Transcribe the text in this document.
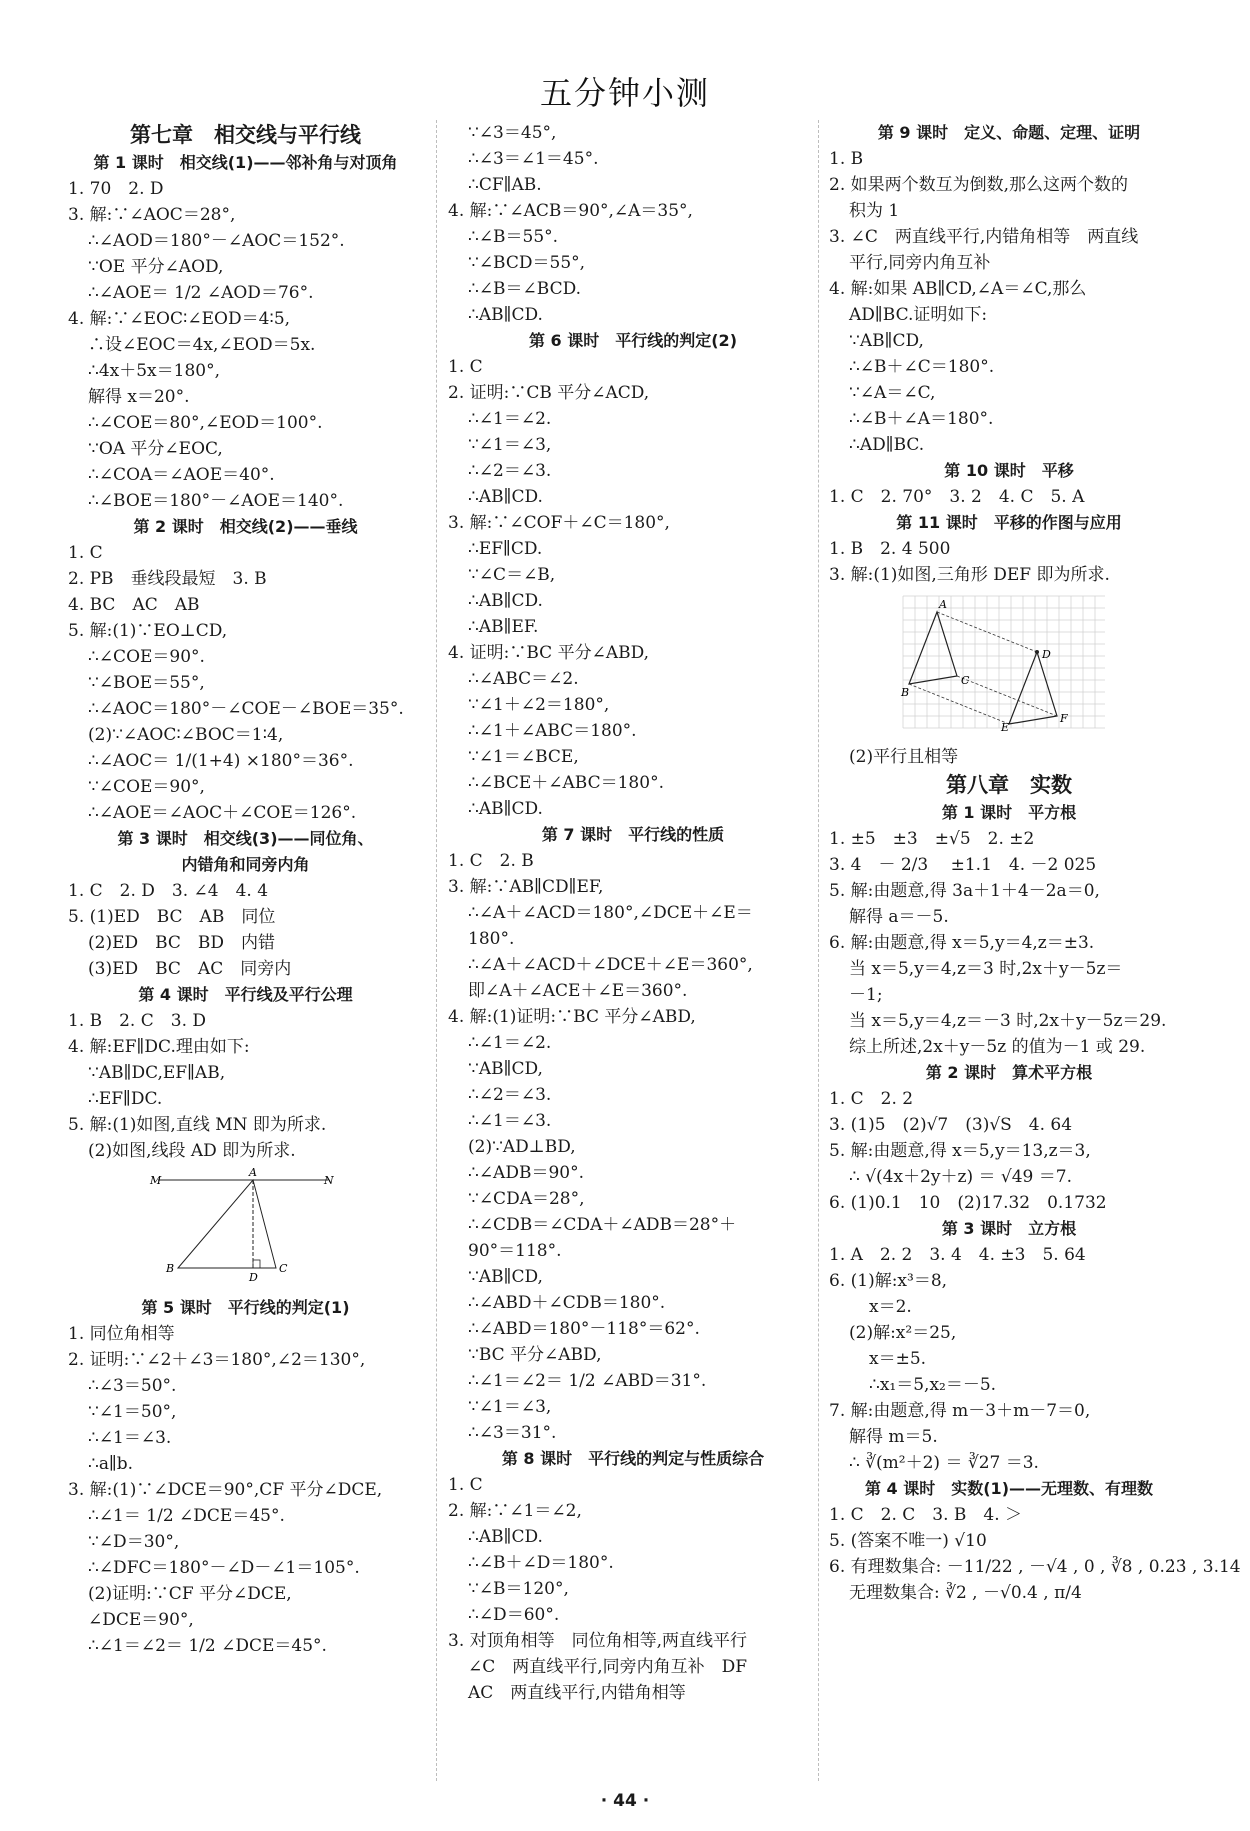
五分钟小测
第七章　相交线与平行线
第 1 课时　相交线(1)——邻补角与对顶角
1. 70　2. D
3. 解:∵∠AOC＝28°,
∴∠AOD＝180°－∠AOC＝152°.
∵OE 平分∠AOD,
∴∠AOE＝ 1/2 ∠AOD＝76°.
4. 解:∵∠EOC∶∠EOD＝4∶5,
∴设∠EOC＝4x,∠EOD＝5x.
∴4x＋5x＝180°,
解得 x＝20°.
∴∠COE＝80°,∠EOD＝100°.
∵OA 平分∠EOC,
∴∠COA＝∠AOE＝40°.
∴∠BOE＝180°－∠AOE＝140°.
第 2 课时　相交线(2)——垂线
1. C
2. PB　垂线段最短　3. B
4. BC　AC　AB
5. 解:(1)∵EO⊥CD,
∴∠COE＝90°.
∵∠BOE＝55°,
∴∠AOC＝180°－∠COE－∠BOE＝35°.
(2)∵∠AOC∶∠BOC＝1∶4,
∴∠AOC＝ 1/(1+4) ×180°＝36°.
∵∠COE＝90°,
∴∠AOE＝∠AOC＋∠COE＝126°.
第 3 课时　相交线(3)——同位角、
内错角和同旁内角
1. C　2. D　3. ∠4　4. 4
5. (1)ED　BC　AB　同位
(2)ED　BC　BD　内错
(3)ED　BC　AC　同旁内
第 4 课时　平行线及平行公理
1. B　2. C　3. D
4. 解:EF∥DC.理由如下:
∵AB∥DC,EF∥AB,
∴EF∥DC.
5. 解:(1)如图,直线 MN 即为所求.
(2)如图,线段 AD 即为所求.
M
A
N
B
D
C
第 5 课时　平行线的判定(1)
1. 同位角相等
2. 证明:∵∠2＋∠3＝180°,∠2＝130°,
∴∠3＝50°.
∵∠1＝50°,
∴∠1＝∠3.
∴a∥b.
3. 解:(1)∵∠DCE＝90°,CF 平分∠DCE,
∴∠1＝ 1/2 ∠DCE＝45°.
∵∠D＝30°,
∴∠DFC＝180°－∠D－∠1＝105°.
(2)证明:∵CF 平分∠DCE,
∠DCE＝90°,
∴∠1＝∠2＝ 1/2 ∠DCE＝45°.
∵∠3＝45°,
∴∠3＝∠1＝45°.
∴CF∥AB.
4. 解:∵∠ACB＝90°,∠A＝35°,
∴∠B＝55°.
∵∠BCD＝55°,
∴∠B＝∠BCD.
∴AB∥CD.
第 6 课时　平行线的判定(2)
1. C
2. 证明:∵CB 平分∠ACD,
∴∠1＝∠2.
∵∠1＝∠3,
∴∠2＝∠3.
∴AB∥CD.
3. 解:∵∠COF＋∠C＝180°,
∴EF∥CD.
∵∠C＝∠B,
∴AB∥CD.
∴AB∥EF.
4. 证明:∵BC 平分∠ABD,
∴∠ABC＝∠2.
∵∠1＋∠2＝180°,
∴∠1＋∠ABC＝180°.
∵∠1＝∠BCE,
∴∠BCE＋∠ABC＝180°.
∴AB∥CD.
第 7 课时　平行线的性质
1. C　2. B
3. 解:∵AB∥CD∥EF,
∴∠A＋∠ACD＝180°,∠DCE＋∠E＝
180°.
∴∠A＋∠ACD＋∠DCE＋∠E＝360°,
即∠A＋∠ACE＋∠E＝360°.
4. 解:(1)证明:∵BC 平分∠ABD,
∴∠1＝∠2.
∵AB∥CD,
∴∠2＝∠3.
∴∠1＝∠3.
(2)∵AD⊥BD,
∴∠ADB＝90°.
∵∠CDA＝28°,
∴∠CDB＝∠CDA＋∠ADB＝28°＋
90°＝118°.
∵AB∥CD,
∴∠ABD＋∠CDB＝180°.
∴∠ABD＝180°－118°＝62°.
∵BC 平分∠ABD,
∴∠1＝∠2＝ 1/2 ∠ABD＝31°.
∵∠1＝∠3,
∴∠3＝31°.
第 8 课时　平行线的判定与性质综合
1. C
2. 解:∵∠1＝∠2,
∴AB∥CD.
∴∠B＋∠D＝180°.
∵∠B＝120°,
∴∠D＝60°.
3. 对顶角相等　同位角相等,两直线平行
∠C　两直线平行,同旁内角互补　DF
AC　两直线平行,内错角相等
第 9 课时　定义、命题、定理、证明
1. B
2. 如果两个数互为倒数,那么这两个数的
积为 1
3. ∠C　两直线平行,内错角相等　两直线
平行,同旁内角互补
4. 解:如果 AB∥CD,∠A＝∠C,那么
AD∥BC.证明如下:
∵AB∥CD,
∴∠B＋∠C＝180°.
∵∠A＝∠C,
∴∠B＋∠A＝180°.
∴AD∥BC.
第 10 课时　平移
1. C　2. 70°　3. 2　4. C　5. A
第 11 课时　平移的作图与应用
1. B　2. 4 500
3. 解:(1)如图,三角形 DEF 即为所求.
A
D
B
C
E
F
(2)平行且相等
第八章　实数
第 1 课时　平方根
1. ±5　±3　±√5　2. ±2
3. 4　－ 2/3 　±1.1　4. －2 025
5. 解:由题意,得 3a＋1＋4－2a＝0,
解得 a＝－5.
6. 解:由题意,得 x＝5,y＝4,z＝±3.
当 x＝5,y＝4,z＝3 时,2x＋y－5z＝
－1;
当 x＝5,y＝4,z＝－3 时,2x＋y－5z＝29.
综上所述,2x＋y－5z 的值为－1 或 29.
第 2 课时　算术平方根
1. C　2. 2
3. (1)5　(2)√7　(3)√S　4. 64
5. 解:由题意,得 x＝5,y＝13,z＝3,
∴ √(4x＋2y＋z) ＝ √49 ＝7.
6. (1)0.1　10　(2)17.32　0.1732
第 3 课时　立方根
1. A　2. 2　3. 4　4. ±3　5. 64
6. (1)解:x³＝8,
x＝2.
(2)解:x²＝25,
x＝±5.
∴x₁＝5,x₂＝－5.
7. 解:由题意,得 m－3＋m－7＝0,
解得 m＝5.
∴ ∛(m²＋2) ＝ ∛27 ＝3.
第 4 课时　实数(1)——无理数、有理数
1. C　2. C　3. B　4. ＞
5. (答案不唯一) √10
6. 有理数集合: －11/22 , －√4 , 0 , ∛8 , 0.2̇3̇ , 3.14
无理数集合: ∛2 , －√0.4 , π/4
· 44 ·
